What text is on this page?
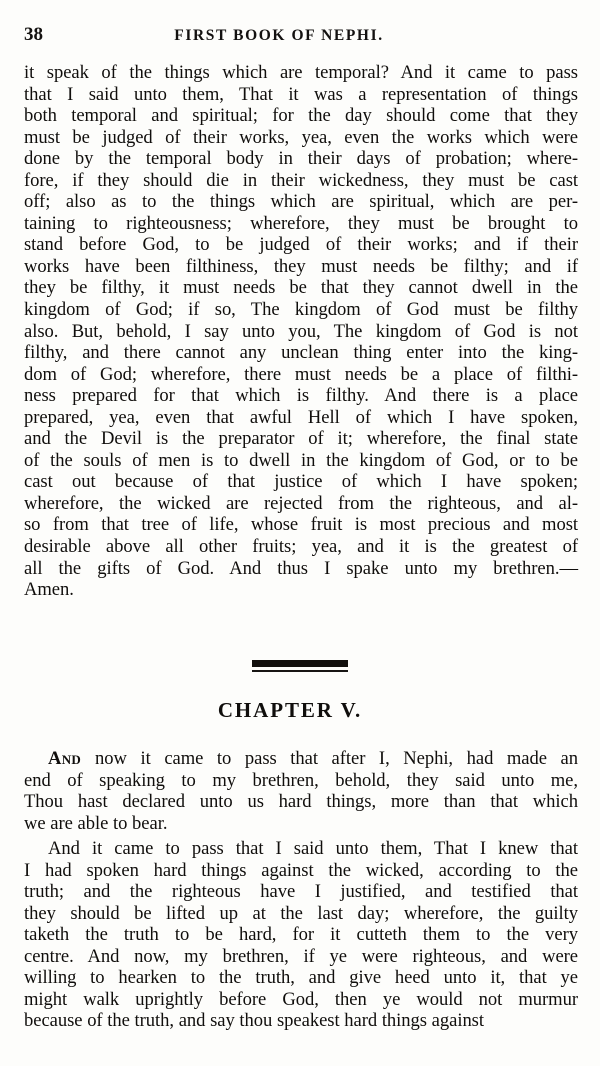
38	FIRST BOOK OF NEPHI.

it speak of the things which are temporal? And it came to pass
that I said unto them, That it was a representation of things
both temporal and spiritual; for the day should come that they
must be judged of their works, yea, even the works which were
done by the temporal body in their days of probation; where-
fore, if they should die in their wickedness, they must be cast
off; also as to the things which are spiritual, which are per-
taining to righteousness; wherefore, they must be brought to
stand before God, to be judged of their works; and if their
works have been filthiness, they must needs be filthy; and if
they be filthy, it must needs be that they cannot dwell in the
kingdom of God; if so, The kingdom of God must be filthy
also. But, behold, I say unto you, The kingdom of God is not
filthy, and there cannot any unclean thing enter into the king-
dom of God; wherefore, there must needs be a place of filthi-
ness prepared for that which is filthy. And there is a place
prepared, yea, even that awful Hell of which I have spoken,
and the Devil is the preparator of it; wherefore, the final state
of the souls of men is to dwell in the kingdom of God, or to be
cast out because of that justice of which I have spoken;
wherefore, the wicked are rejected from the righteous, and al-
so from that tree of life, whose fruit is most precious and most
desirable above all other fruits; yea, and it is the greatest of
all the gifts of God. And thus I spake unto my brethren.—
Amen.

CHAPTER V.

And now it came to pass that after I, Nephi, had made an
end of speaking to my brethren, behold, they said unto me,
Thou hast declared unto us hard things, more than that which
we are able to bear.

And it came to pass that I said unto them, That I knew that
I had spoken hard things against the wicked, according to the
truth; and the righteous have I justified, and testified that
they should be lifted up at the last day; wherefore, the guilty
taketh the truth to be hard, for it cutteth them to the very
centre. And now, my brethren, if ye were righteous, and were
willing to hearken to the truth, and give heed unto it, that ye
might walk uprightly before God, then ye would not murmur
because of the truth, and say thou speakest hard things against
